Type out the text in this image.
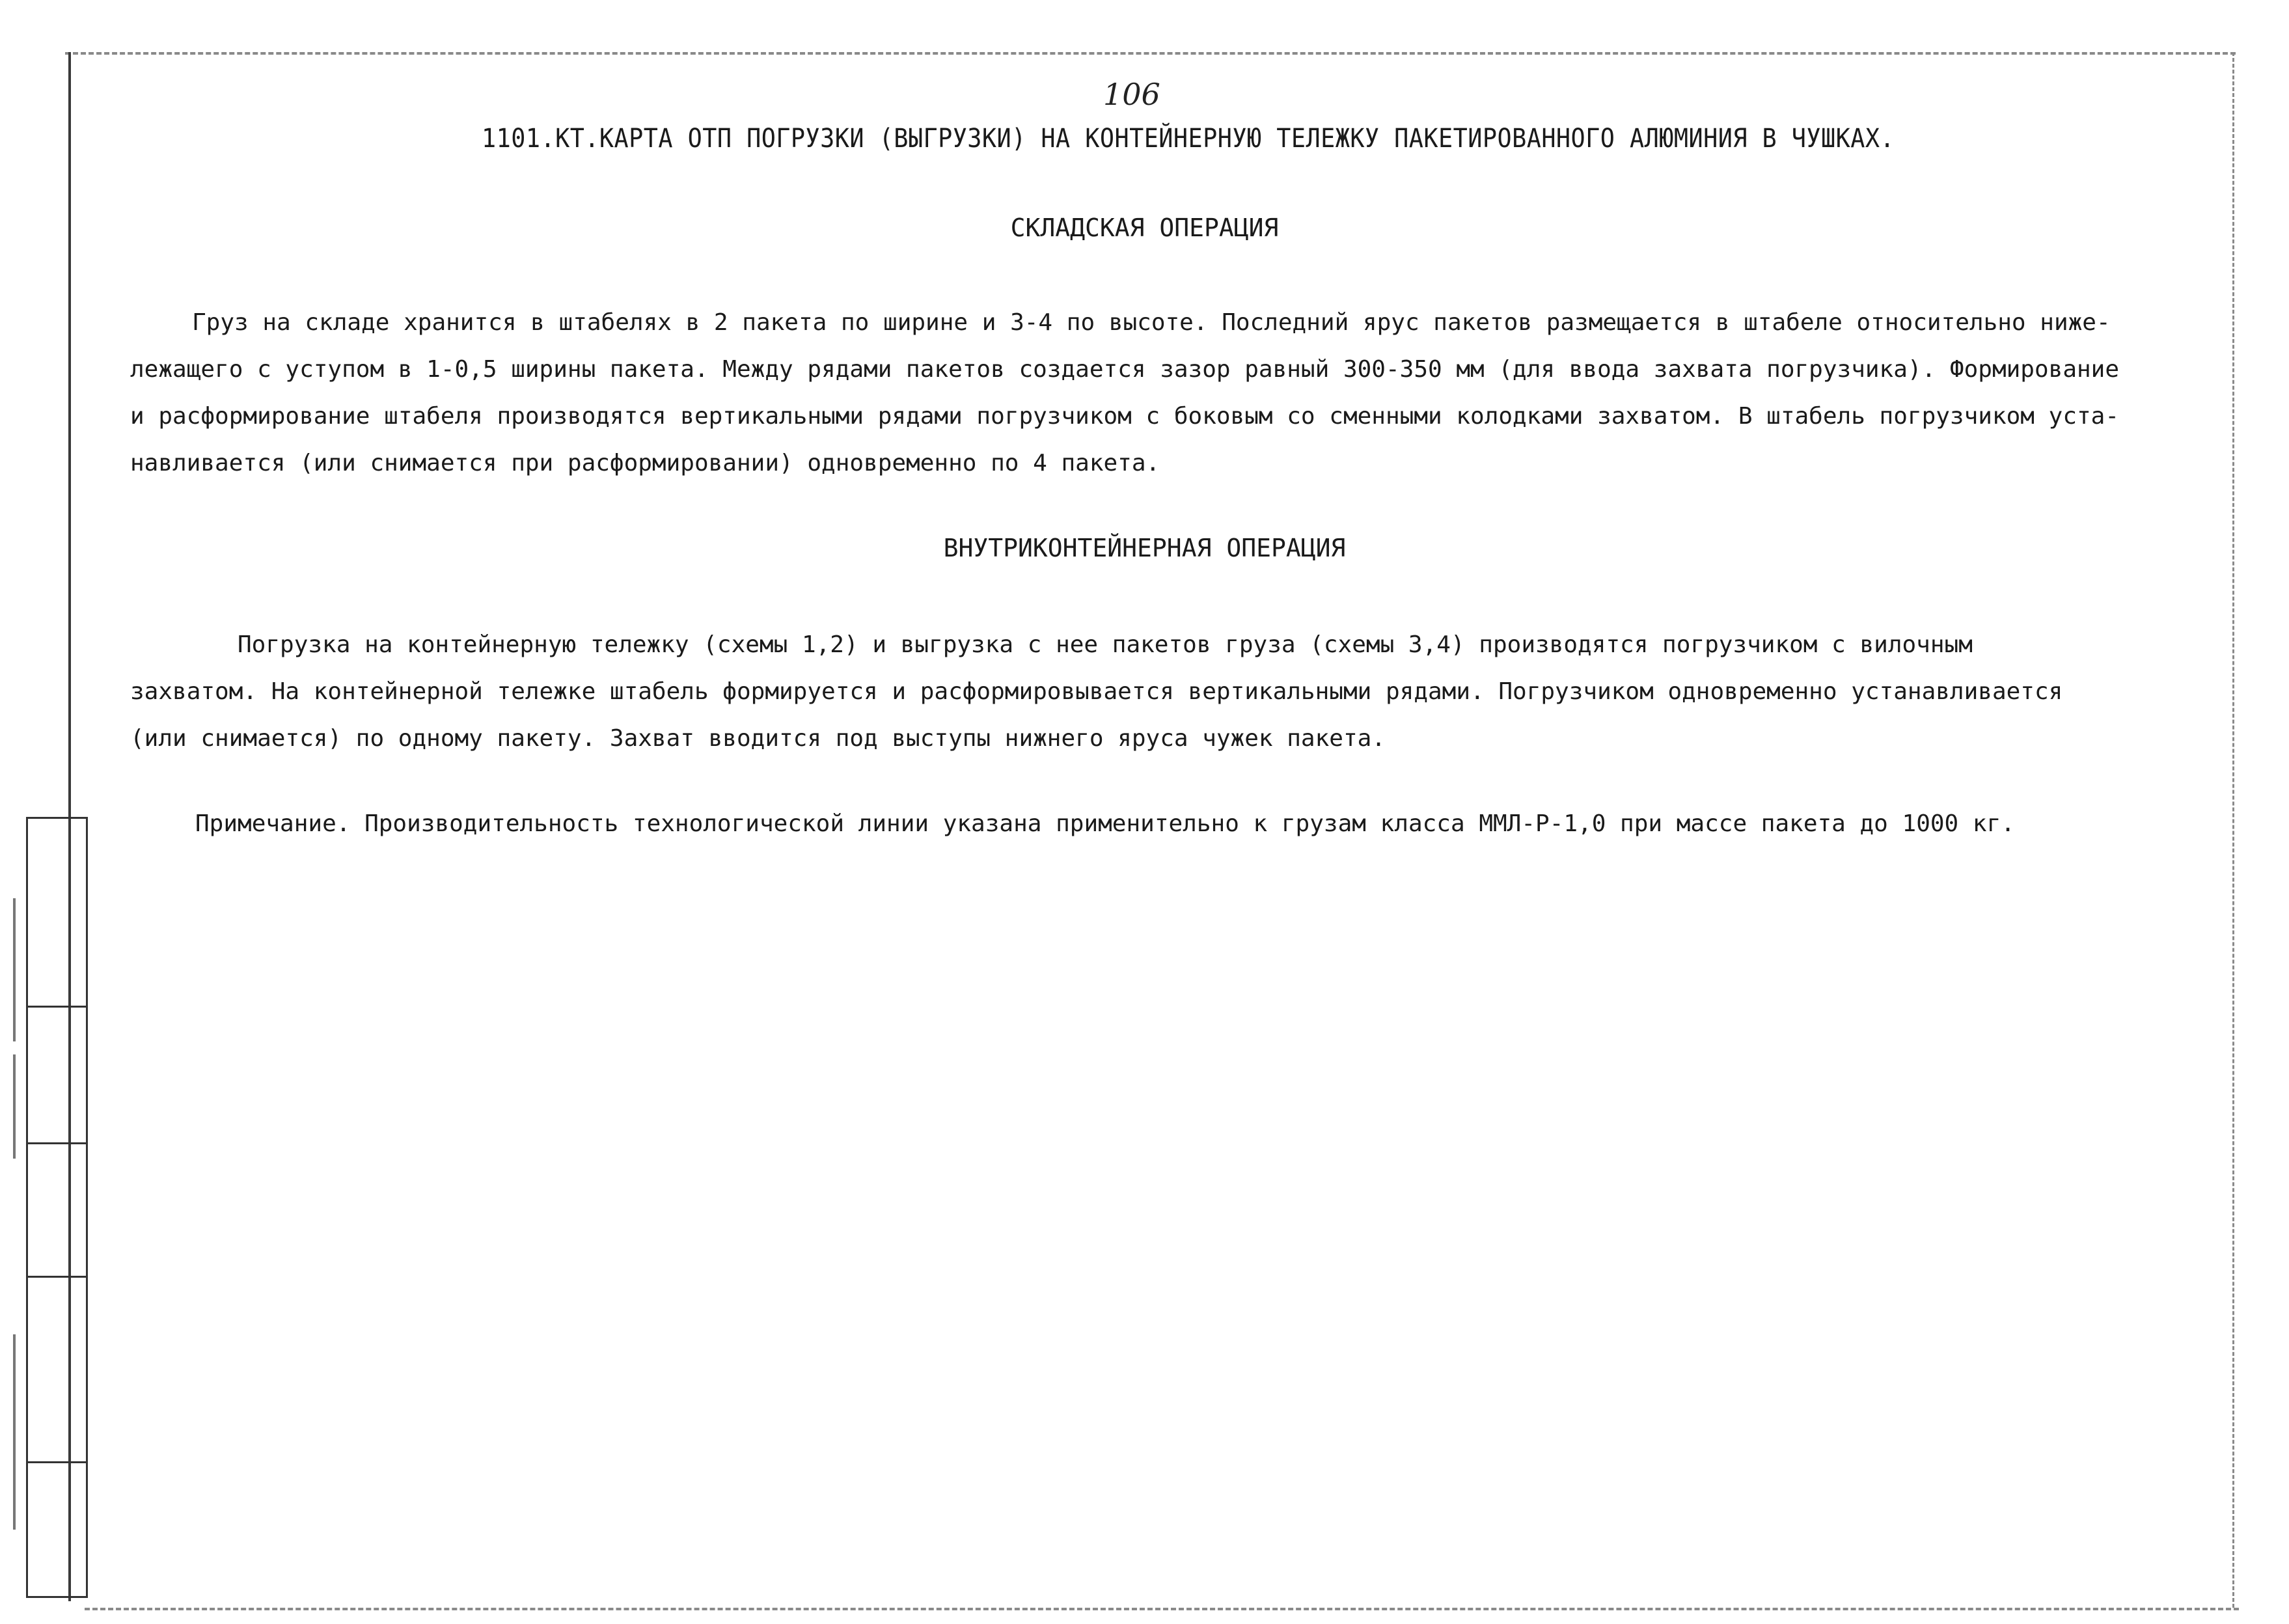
106
1101.КТ.КАРТА ОТП ПОГРУЗКИ (ВЫГРУЗКИ) НА КОНТЕЙНЕРНУЮ ТЕЛЕЖКУ ПАКЕТИРОВАННОГО АЛЮМИНИЯ В ЧУШКАХ.
СКЛАДСКАЯ ОПЕРАЦИЯ
Груз на складе хранится в штабелях в 2 пакета по ширине и 3-4 по высоте. Последний ярус пакетов размещается в штабеле относительно ниже-
лежащего с уступом в 1-0,5 ширины пакета. Между рядами пакетов создается зазор равный 300-350 мм (для ввода захвата погрузчика). Формирование
и расформирование штабеля производятся вертикальными рядами погрузчиком с боковым со сменными колодками захватом. В штабель погрузчиком уста-
навливается (или снимается при расформировании) одновременно по 4 пакета.
ВНУТРИКОНТЕЙНЕРНАЯ ОПЕРАЦИЯ
Погрузка на контейнерную тележку (схемы 1,2) и выгрузка с нее пакетов груза (схемы 3,4) производятся погрузчиком с вилочным
захватом. На контейнерной тележке штабель формируется и расформировывается вертикальными рядами. Погрузчиком одновременно устанавливается
(или снимается) по одному пакету. Захват вводится под выступы нижнего яруса чужек пакета.
Примечание. Производительность технологической линии указана применительно к грузам класса ММЛ-Р-1,0 при массе пакета до 1000 кг.
